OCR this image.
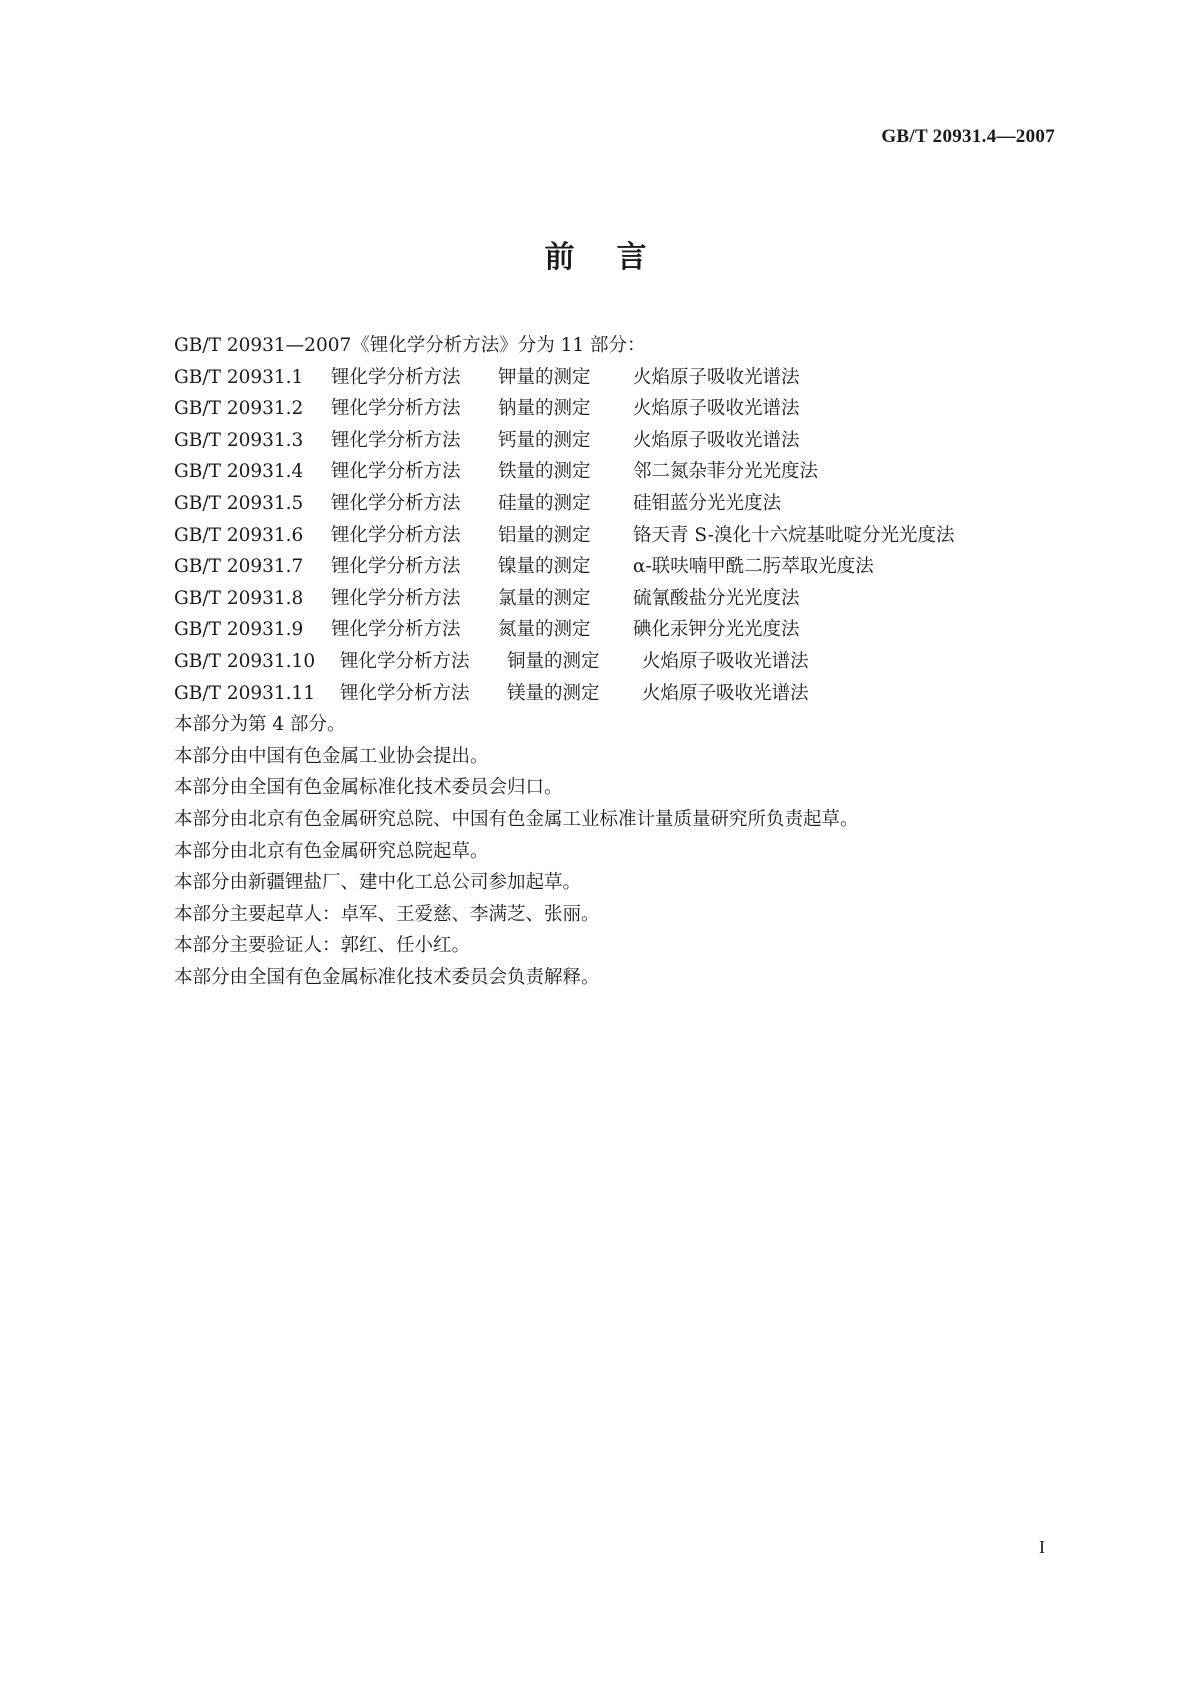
GB/T 20931.4—2007
前言
GB/T 20931—2007《锂化学分析方法》分为 11 部分：
GB/T 20931.1	锂化学分析方法	钾量的测定	火焰原子吸收光谱法
GB/T 20931.2	锂化学分析方法	钠量的测定	火焰原子吸收光谱法
GB/T 20931.3	锂化学分析方法	钙量的测定	火焰原子吸收光谱法
GB/T 20931.4	锂化学分析方法	铁量的测定	邻二氮杂菲分光光度法
GB/T 20931.5	锂化学分析方法	硅量的测定	硅钼蓝分光光度法
GB/T 20931.6	锂化学分析方法	铝量的测定	铬天青 S-溴化十六烷基吡啶分光光度法
GB/T 20931.7	锂化学分析方法	镍量的测定	α-联呋喃甲酰二肟萃取光度法
GB/T 20931.8	锂化学分析方法	氯量的测定	硫氰酸盐分光光度法
GB/T 20931.9	锂化学分析方法	氮量的测定	碘化汞钾分光光度法
GB/T 20931.10	锂化学分析方法	铜量的测定	火焰原子吸收光谱法
GB/T 20931.11	锂化学分析方法	镁量的测定	火焰原子吸收光谱法
本部分为第 4 部分。
本部分由中国有色金属工业协会提出。
本部分由全国有色金属标准化技术委员会归口。
本部分由北京有色金属研究总院、中国有色金属工业标准计量质量研究所负责起草。
本部分由北京有色金属研究总院起草。
本部分由新疆锂盐厂、建中化工总公司参加起草。
本部分主要起草人：卓军、王爱慈、李满芝、张丽。
本部分主要验证人：郭红、任小红。
本部分由全国有色金属标准化技术委员会负责解释。
I
